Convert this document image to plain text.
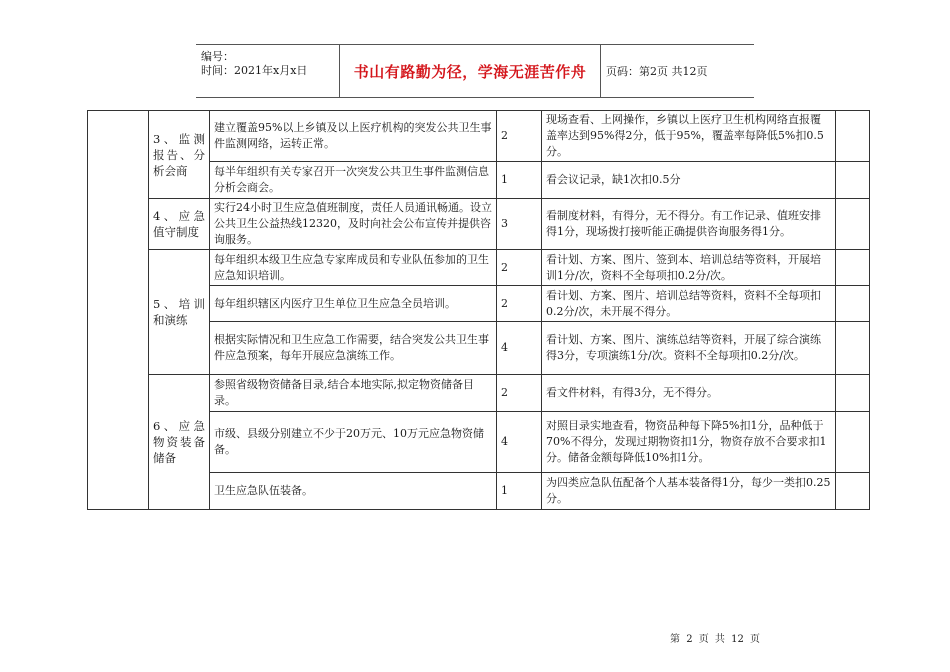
编号：
时间：2021年x月x日	书山有路勤为径，学海无涯苦作舟 页码：第2页 共12页
	3、监测报告、分析会商	建立覆盖95%以上乡镇及以上医疗机构的突发公共卫生事件监测网络，运转正常。	2	现场查看、上网操作，乡镇以上医疗卫生机构网络直报覆盖率达到95%得2分，低于95%，覆盖率每降低5%扣0.5分。	
		每半年组织有关专家召开一次突发公共卫生事件监测信息分析会商会。	1	看会议记录，缺1次扣0.5分	
	4、应急值守制度	实行24小时卫生应急值班制度，责任人员通讯畅通。设立公共卫生公益热线12320，及时向社会公布宣传并提供咨询服务。	3	看制度材料，有得分，无不得分。有工作记录、值班安排得1分，现场拨打接听能正确提供咨询服务得1分。	
	5、培训和演练	每年组织本级卫生应急专家库成员和专业队伍参加的卫生应急知识培训。	2	看计划、方案、图片、签到本、培训总结等资料，开展培训1分/次，资料不全每项扣0.2分/次。	
		每年组织辖区内医疗卫生单位卫生应急全员培训。	2	看计划、方案、图片、培训总结等资料，资料不全每项扣0.2分/次，未开展不得分。	
		根据实际情况和卫生应急工作需要，结合突发公共卫生事件应急预案，每年开展应急演练工作。	4	看计划、方案、图片、演练总结等资料，开展了综合演练得3分，专项演练1分/次。资料不全每项扣0.2分/次。	
	6、应急物资装备储备	参照省级物资储备目录,结合本地实际,拟定物资储备目录。	2	看文件材料，有得3分，无不得分。	
		市级、县级分别建立不少于20万元、10万元应急物资储备。	4	对照目录实地查看，物资品种每下降5%扣1分，品种低于70%不得分，发现过期物资扣1分，物资存放不合要求扣1分。储备金额每降低10%扣1分。	
		卫生应急队伍装备。	1	为四类应急队伍配备个人基本装备得1分，每少一类扣0.25分。	
第 2 页 共 12 页
